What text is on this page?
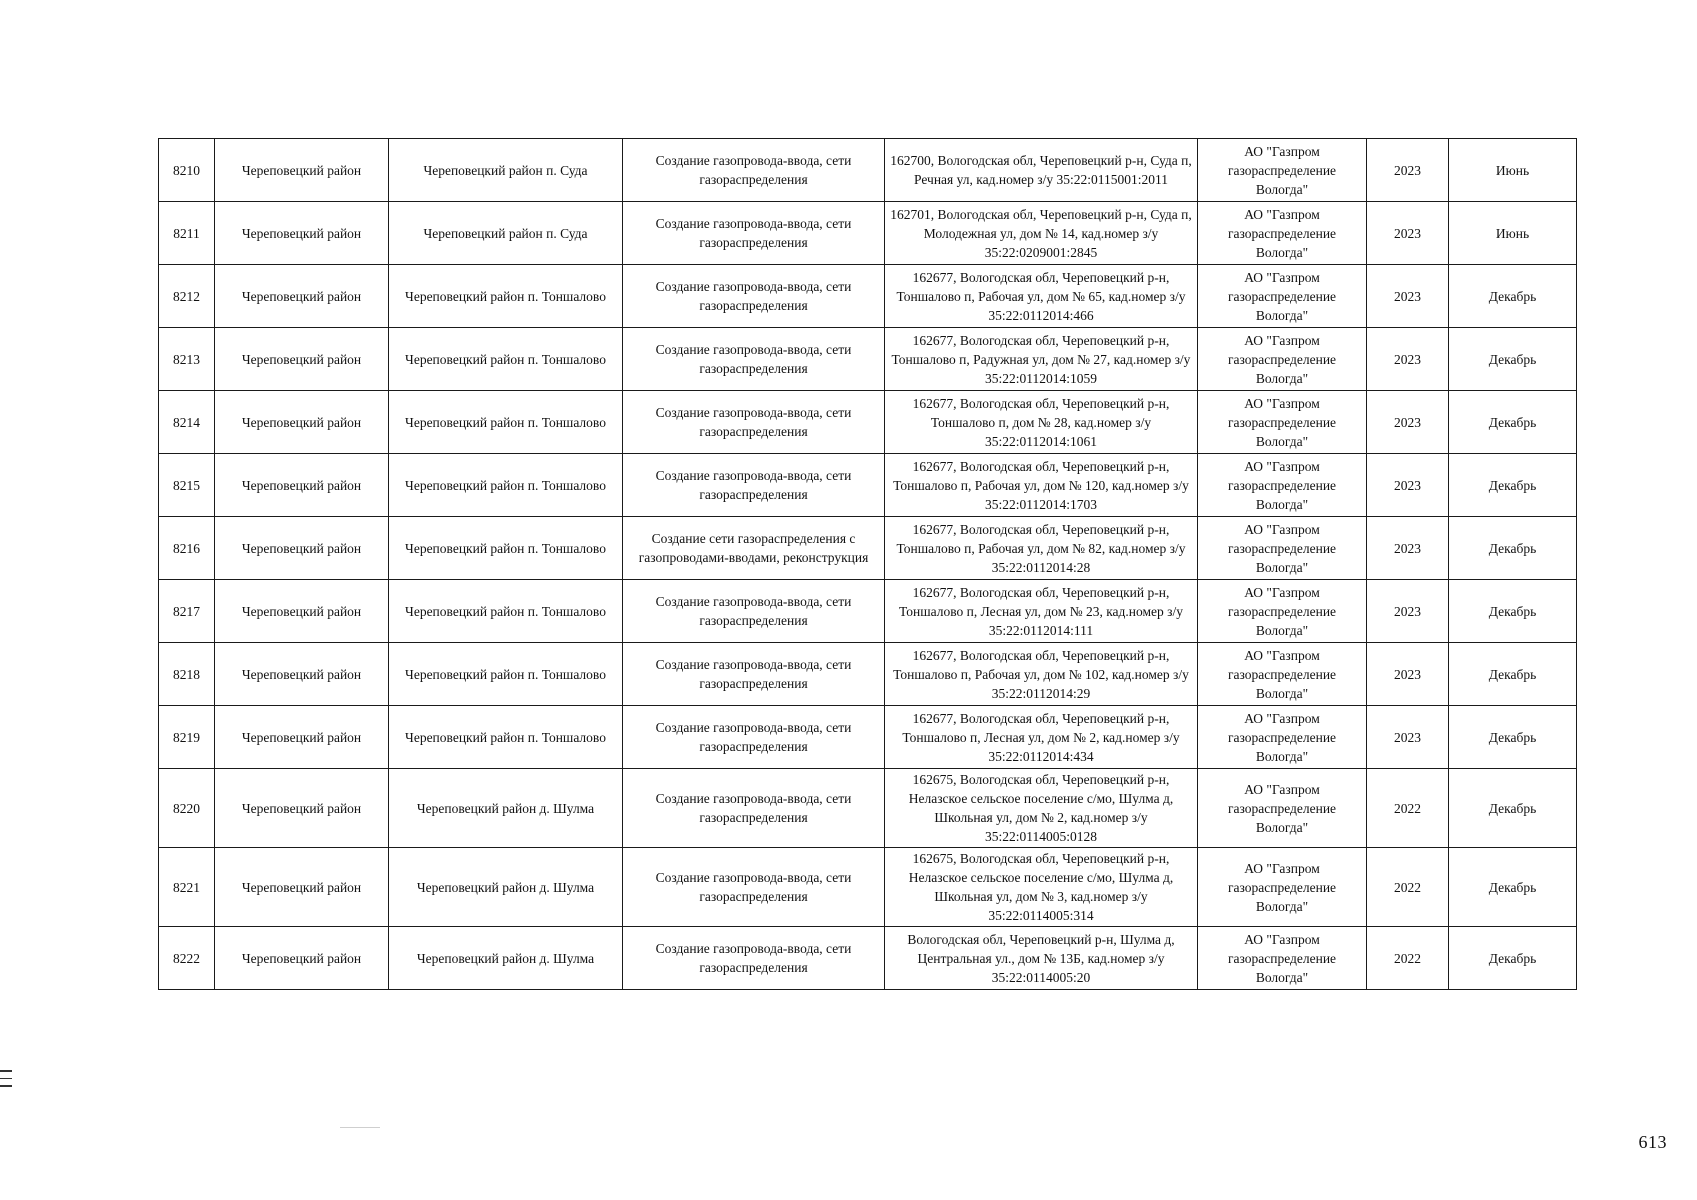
8210	Череповецкий район	Череповецкий район п. Суда	Создание газопровода-ввода, сети газораспределения	162700, Вологодская обл, Череповецкий р-н, Суда п, Речная ул, кад.номер з/у 35:22:0115001:2011	АО "Газпром газораспределение Вологда"	2023	Июнь
8211	Череповецкий район	Череповецкий район п. Суда	Создание газопровода-ввода, сети газораспределения	162701, Вологодская обл, Череповецкий р-н, Суда п, Молодежная ул, дом № 14, кад.номер з/у 35:22:0209001:2845	АО "Газпром газораспределение Вологда"	2023	Июнь
8212	Череповецкий район	Череповецкий район п. Тоншалово	Создание газопровода-ввода, сети газораспределения	162677, Вологодская обл, Череповецкий р-н, Тоншалово п, Рабочая ул, дом № 65, кад.номер з/у 35:22:0112014:466	АО "Газпром газораспределение Вологда"	2023	Декабрь
8213	Череповецкий район	Череповецкий район п. Тоншалово	Создание газопровода-ввода, сети газораспределения	162677, Вологодская обл, Череповецкий р-н, Тоншалово п, Радужная ул, дом № 27, кад.номер з/у 35:22:0112014:1059	АО "Газпром газораспределение Вологда"	2023	Декабрь
8214	Череповецкий район	Череповецкий район п. Тоншалово	Создание газопровода-ввода, сети газораспределения	162677, Вологодская обл, Череповецкий р-н, Тоншалово п, дом № 28, кад.номер з/у 35:22:0112014:1061	АО "Газпром газораспределение Вологда"	2023	Декабрь
8215	Череповецкий район	Череповецкий район п. Тоншалово	Создание газопровода-ввода, сети газораспределения	162677, Вологодская обл, Череповецкий р-н, Тоншалово п, Рабочая ул, дом № 120, кад.номер з/у 35:22:0112014:1703	АО "Газпром газораспределение Вологда"	2023	Декабрь
8216	Череповецкий район	Череповецкий район п. Тоншалово	Создание сети газораспределения с газопроводами-вводами, реконструкция	162677, Вологодская обл, Череповецкий р-н, Тоншалово п, Рабочая ул, дом № 82, кад.номер з/у 35:22:0112014:28	АО "Газпром газораспределение Вологда"	2023	Декабрь
8217	Череповецкий район	Череповецкий район п. Тоншалово	Создание газопровода-ввода, сети газораспределения	162677, Вологодская обл, Череповецкий р-н, Тоншалово п, Лесная ул, дом № 23, кад.номер з/у 35:22:0112014:111	АО "Газпром газораспределение Вологда"	2023	Декабрь
8218	Череповецкий район	Череповецкий район п. Тоншалово	Создание газопровода-ввода, сети газораспределения	162677, Вологодская обл, Череповецкий р-н, Тоншалово п, Рабочая ул, дом № 102, кад.номер з/у 35:22:0112014:29	АО "Газпром газораспределение Вологда"	2023	Декабрь
8219	Череповецкий район	Череповецкий район п. Тоншалово	Создание газопровода-ввода, сети газораспределения	162677, Вологодская обл, Череповецкий р-н, Тоншалово п, Лесная ул, дом № 2, кад.номер з/у 35:22:0112014:434	АО "Газпром газораспределение Вологда"	2023	Декабрь
8220	Череповецкий район	Череповецкий район д. Шулма	Создание газопровода-ввода, сети газораспределения	162675, Вологодская обл, Череповецкий р-н, Нелазское сельское поселение с/мо, Шулма д, Школьная ул, дом № 2, кад.номер з/у 35:22:0114005:0128	АО "Газпром газораспределение Вологда"	2022	Декабрь
8221	Череповецкий район	Череповецкий район д. Шулма	Создание газопровода-ввода, сети газораспределения	162675, Вологодская обл, Череповецкий р-н, Нелазское сельское поселение с/мо, Шулма д, Школьная ул, дом № 3, кад.номер з/у 35:22:0114005:314	АО "Газпром газораспределение Вологда"	2022	Декабрь
8222	Череповецкий район	Череповецкий район д. Шулма	Создание газопровода-ввода, сети газораспределения	Вологодская обл, Череповецкий р-н, Шулма д, Центральная ул., дом № 13Б, кад.номер з/у 35:22:0114005:20	АО "Газпром газораспределение Вологда"	2022	Декабрь
613
